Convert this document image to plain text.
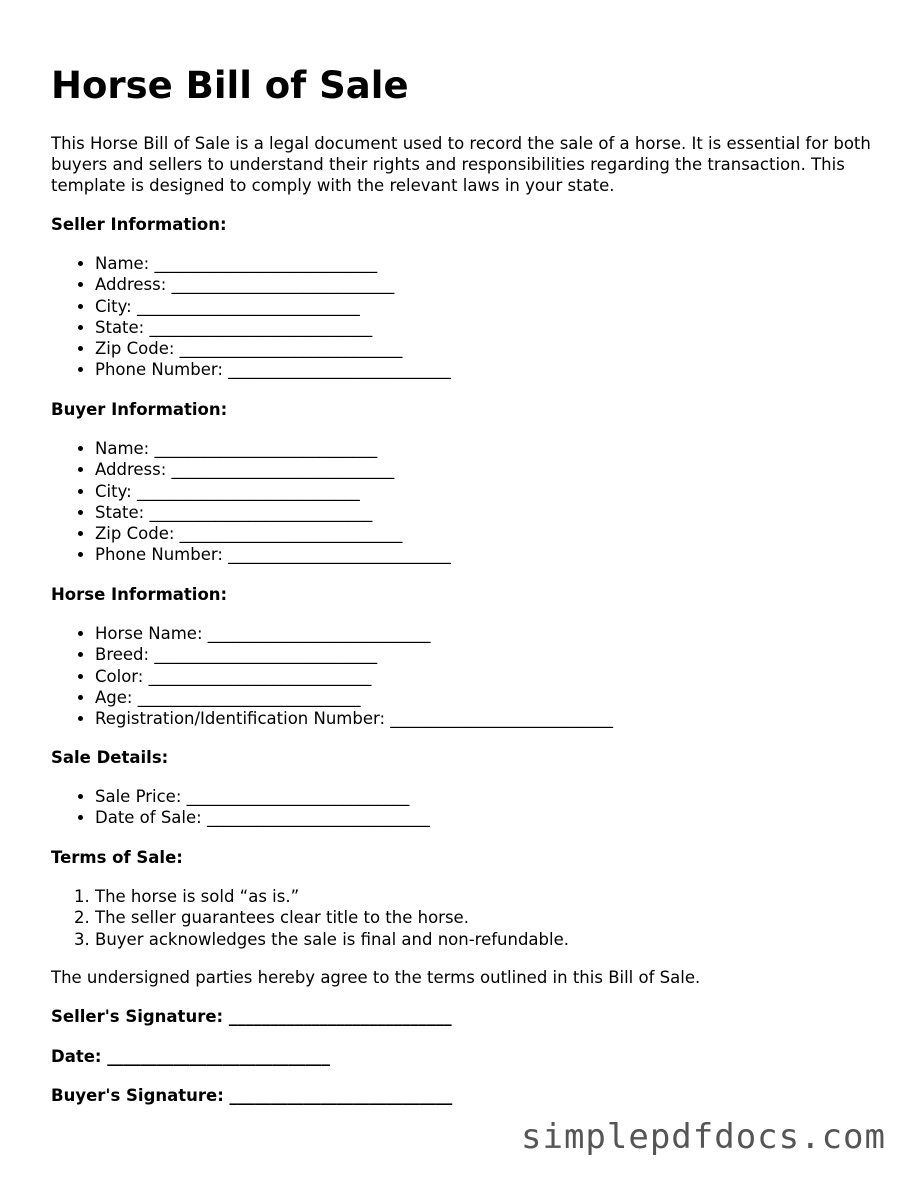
Horse Bill of Sale

This Horse Bill of Sale is a legal document used to record the sale of a horse. It is essential for both buyers and sellers to understand their rights and responsibilities regarding the transaction. This template is designed to comply with the relevant laws in your state.

Seller Information:

• Name: ___________________________
• Address: ___________________________
• City: ___________________________
• State: ___________________________
• Zip Code: ___________________________
• Phone Number: ___________________________

Buyer Information:

• Name: ___________________________
• Address: ___________________________
• City: ___________________________
• State: ___________________________
• Zip Code: ___________________________
• Phone Number: ___________________________

Horse Information:

• Horse Name: ___________________________
• Breed: ___________________________
• Color: ___________________________
• Age: ___________________________
• Registration/Identification Number: ___________________________

Sale Details:

• Sale Price: ___________________________
• Date of Sale: ___________________________

Terms of Sale:

1. The horse is sold “as is.”
2. The seller guarantees clear title to the horse.
3. Buyer acknowledges the sale is final and non-refundable.

The undersigned parties hereby agree to the terms outlined in this Bill of Sale.

Seller's Signature: ___________________________

Date: ___________________________

Buyer's Signature: ___________________________

simplepdfdocs.com
